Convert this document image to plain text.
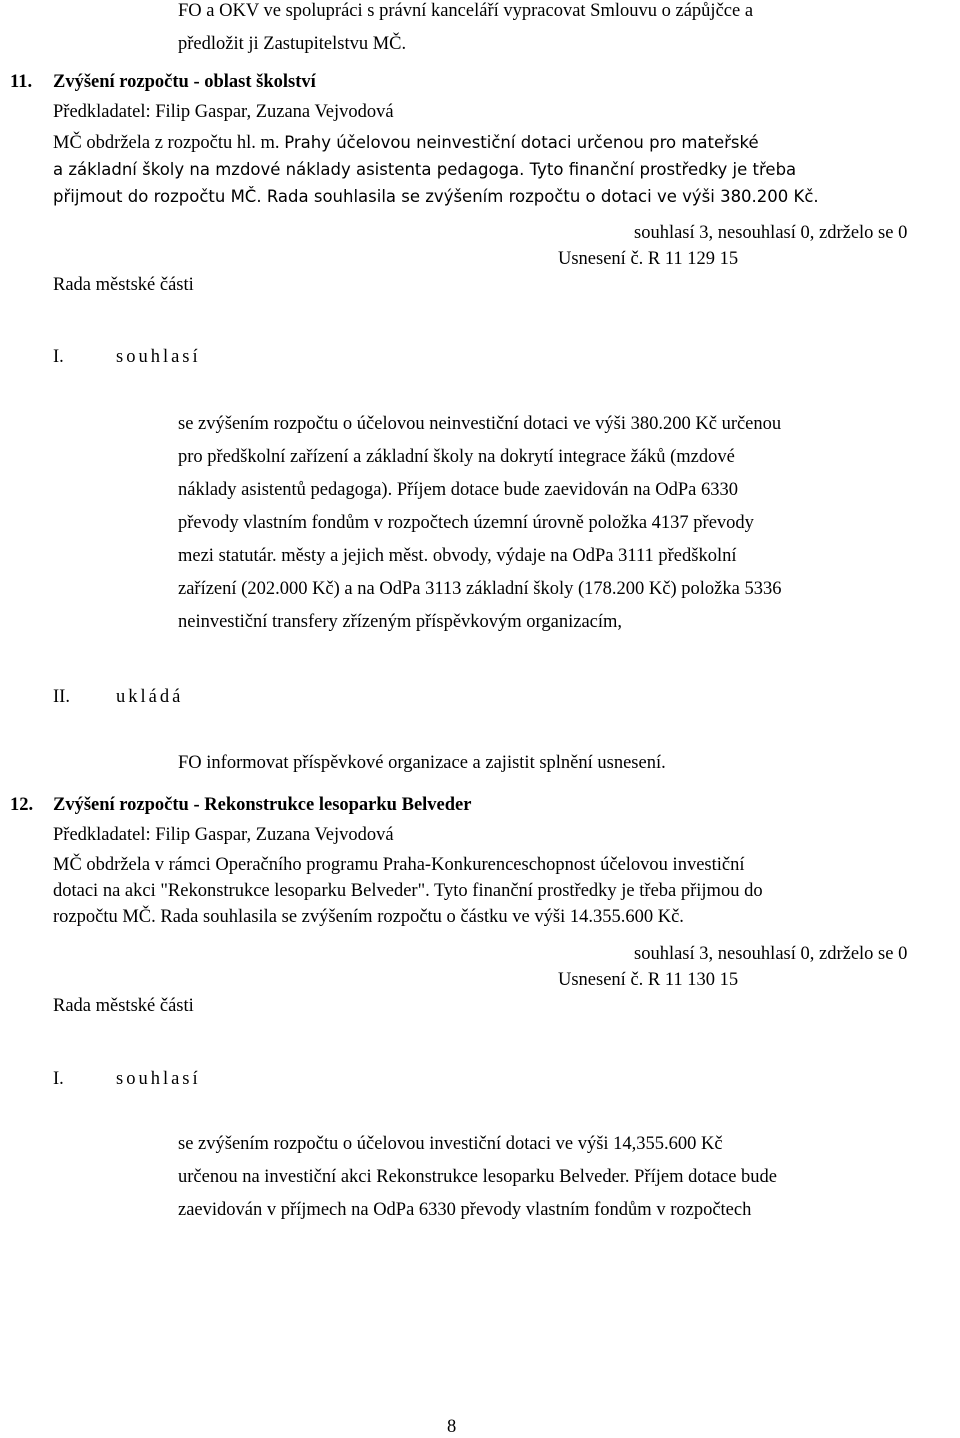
FO a OKV ve spolupráci s právní kanceláří vypracovat Smlouvu o zápůjčce a
předložit ji Zastupitelstvu MČ.
11. Zvýšení rozpočtu - oblast školství
Předkladatel: Filip Gaspar, Zuzana Vejvodová
MČ obdržela z rozpočtu hl. m. Prahy účelovou neinvestiční dotaci určenou pro mateřské
a základní školy na mzdové náklady asistenta pedagoga. Tyto finanční prostředky je třeba
přijmout do rozpočtu MČ. Rada souhlasila se zvýšením rozpočtu o dotaci ve výši 380.200 Kč.
souhlasí 3, nesouhlasí 0, zdrželo se 0
Usnesení č. R 11 129 15
Rada městské části
I.	souhlasí
se zvýšením rozpočtu o účelovou neinvestiční dotaci ve výši 380.200 Kč určenou
pro předškolní zařízení a základní školy na dokrytí integrace žáků (mzdové
náklady asistentů pedagoga). Příjem dotace bude zaevidován na OdPa 6330
převody vlastním fondům v rozpočtech územní úrovně položka 4137 převody
mezi statutár. městy a jejich měst. obvody, výdaje na OdPa 3111 předškolní
zařízení (202.000 Kč) a na OdPa 3113 základní školy (178.200 Kč) položka 5336
neinvestiční transfery zřízeným příspěvkovým organizacím,
II. ukládá
FO informovat příspěvkové organizace a zajistit splnění usnesení.
12. Zvýšení rozpočtu - Rekonstrukce lesoparku Belveder
Předkladatel: Filip Gaspar, Zuzana Vejvodová
MČ obdržela v rámci Operačního programu Praha-Konkurenceschopnost účelovou investiční
dotaci na akci "Rekonstrukce lesoparku Belveder". Tyto finanční prostředky je třeba přijmou do
rozpočtu MČ. Rada souhlasila se zvýšením rozpočtu o částku ve výši 14.355.600 Kč.
souhlasí 3, nesouhlasí 0, zdrželo se 0
Usnesení č. R 11 130 15
Rada městské části
I.	souhlasí
se zvýšením rozpočtu o účelovou investiční dotaci ve výši 14,355.600 Kč
určenou na investiční akci Rekonstrukce lesoparku Belveder. Příjem dotace bude
zaevidován v příjmech na OdPa 6330 převody vlastním fondům v rozpočtech
8
